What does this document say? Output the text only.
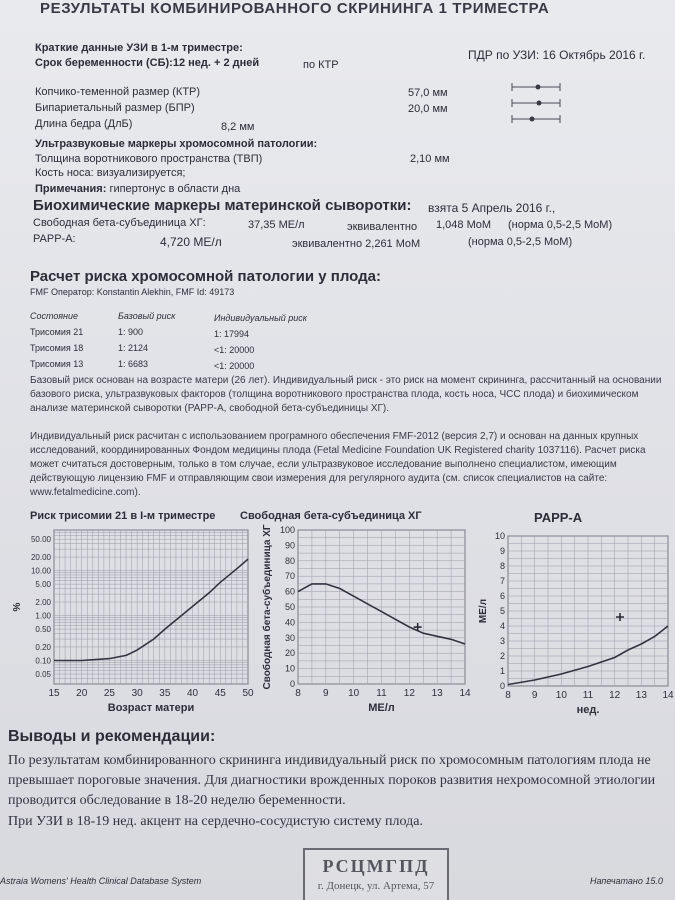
РЕЗУЛЬТАТЫ КОМБИНИРОВАННОГО СКРИНИНГА 1 ТРИМЕСТРА
Краткие данные УЗИ в 1-м триместре:
Срок беременности (СБ):12 нед. + 2 дней	по КТР
ПДР по УЗИ: 16 Октябрь 2016 г.
Копчико-теменной размер (КТР)	57,0 мм
Бипариетальный размер (БПР)	20,0 мм
Длина бедра (ДлБ)	8,2 мм
Ультразвуковые маркеры хромосомной патологии:
Толщина воротникового пространства (ТВП)	2,10 мм
Кость носа: визуализируется;
Примечания: гипертонус в области дна
Биохимические маркеры материнской сыворотки: взята 5 Апрель 2016 г.,
Свободная бета-субъединица ХГ:	37,35 МЕ/л	эквивалентно 1,048 MoM (норма 0,5-2,5 MoM)
PAPP-A:	4,720 МЕ/л	эквивалентно 2,261 MoM	(норма 0,5-2,5 MoM)
Расчет риска хромосомной патологии у плода:
FMF Оператор: Konstantin Alekhin, FMF Id: 49173
Состояние	Базовый риск	Индивидуальный риск
Трисомия 21	1: 900	1: 17994
Трисомия 18	1: 2124	<1: 20000
Трисомия 13	1: 6683	<1: 20000
Базовый риск основан на возрасте матери (26 лет). Индивидуальный риск - это риск на момент скрининга, рассчитанный на основании базового риска, ультразвуковых факторов (толщина воротникового пространства плода, кость носа, ЧСС плода) и биохимическом анализе материнской сыворотки (PAPP-A, свободной бета-субъединицы ХГ).
Индивидуальный риск расчитан с использованием програмного обеспечения FMF-2012 (версия 2,7) и основан на данных крупных исследований, координированных Фондом медицины плода (Fetal Medicine Foundation UK Registered charity 1037116). Расчет риска может считаться достоверным, только в том случае, если ультразвуковое исследование выполнено специалистом, имеющим действующую лицензию FMF и отправляющим свои измерения для регулярного аудита (см. список специалистов на сайте: www.fetalmedicine.com).
Риск трисомии 21 в I-м триместре Свободная бета-субъединица ХГ	PAPP-A
15 20 25 30 35 40 45 50
50.00
20.00
10.00
5.00
2.00
1.00
0.50
0.20
0.10
0.05
Возраст матери
%
8 9 10 11 12 13 14
100
90
80
70
60
50
40
30
20
10
0
МЕ/л
Свободная бета-субъединица ХГ
8 9 10 11 12 13 14
10
9
8
7
6
5
4
3
2
1
0
нед.
МЕ/л
Выводы и рекомендации:
По результатам комбинированного скрининга индивидуальный риск по хромосомным патологиям плода не превышает пороговые значения. Для диагностики врожденных пороков развития нехромосомной этиологии проводится обследование в 18-20 неделю беременности.
При УЗИ в 18-19 нед. акцент на сердечно-сосудистую систему плода.
Astraia Womens' Health Clinical Database System	Напечатано 15.0
РСЦМГПД
г. Донецк, ул. Артема, 57
